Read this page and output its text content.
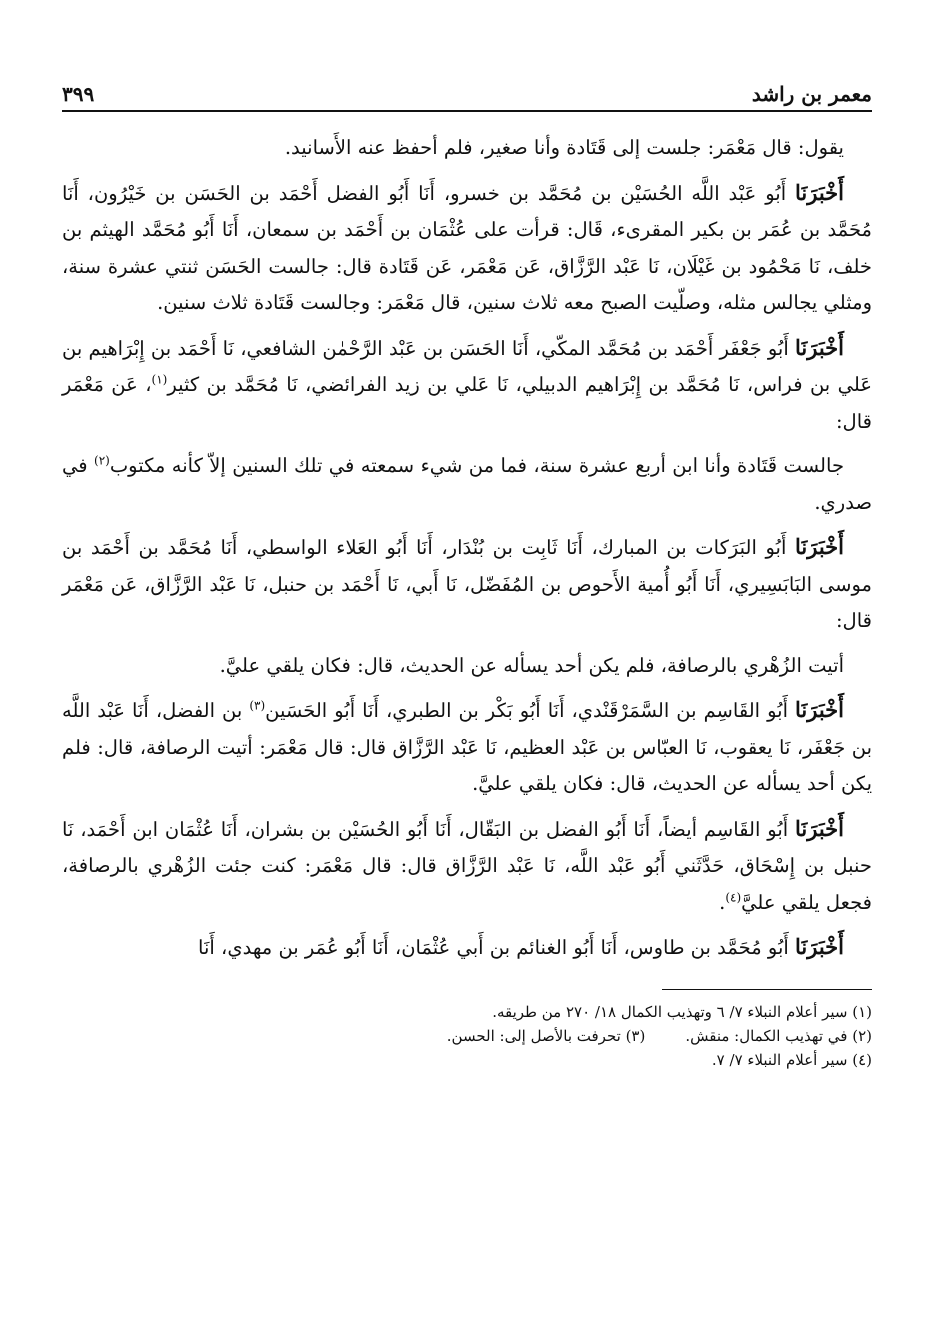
معمر بن راشد
٣٩٩

يقول: قال مَعْمَر: جلست إلى قَتَادة وأنا صغير، فلم أحفظ عنه الأَسانيد.

أَخْبَرَنَا أَبُو عَبْد اللَّه الحُسَيْن بن مُحَمَّد بن خسرو، أَنَا أَبُو الفضل أَحْمَد بن الحَسَن بن خَيْرُون، أَنَا مُحَمَّد بن عُمَر بن بكير المقرىء، قَال: قرأت على عُثْمَان بن أَحْمَد بن سمعان، أَنَا أَبُو مُحَمَّد الهيثم بن خلف، نَا مَحْمُود بن غَيْلَان، نَا عَبْد الرَّزَّاق، عَن مَعْمَر، عَن قَتَادة قال: جالست الحَسَن ثنتي عشرة سنة، ومثلي يجالس مثله، وصلّيت الصبح معه ثلاث سنين، قال مَعْمَر: وجالست قَتَادة ثلاث سنين.

أَخْبَرَنَا أَبُو جَعْفَر أَحْمَد بن مُحَمَّد المكّي، أَنَا الحَسَن بن عَبْد الرَّحْمٰن الشافعي، نَا أَحْمَد بن إِبْرَاهيم بن عَلي بن فراس، نَا مُحَمَّد بن إِبْرَاهيم الدبيلي، نَا عَلي بن زيد الفرائضي، نَا مُحَمَّد بن كثير$^{(١)}$، عَن مَعْمَر قال:

جالست قَتَادة وأنا ابن أربع عشرة سنة، فما من شيء سمعته في تلك السنين إلاّ كأنه مكتوب$^{(٢)}$ في صدري.

أَخْبَرَنَا أَبُو البَرَكات بن المبارك، أَنَا ثَابِت بن بُنْدَار، أَنَا أَبُو العَلاء الواسطي، أَنَا مُحَمَّد بن أَحْمَد بن موسى البَابَسِيري، أَنَا أَبُو أُمية الأَحوص بن المُفَضّل، نَا أَبي، نَا أَحْمَد بن حنبل، نَا عَبْد الرَّزَّاق، عَن مَعْمَر قال:

أتيت الزُهْري بالرصافة، فلم يكن أحد يسأله عن الحديث، قال: فكان يلقي عليَّ.

أَخْبَرَنَا أَبُو القَاسِم بن السَّمَرْقَنْدي، أَنَا أَبُو بَكْر بن الطبري، أَنَا أَبُو الحَسَين$^{(٣)}$ بن الفضل، أَنَا عَبْد اللَّه بن جَعْفَر، نَا يعقوب، نَا العبّاس بن عَبْد العظيم، نَا عَبْد الرَّزَّاق قال: قال مَعْمَر: أتيت الرصافة، قال: فلم يكن أحد يسأله عن الحديث، قال: فكان يلقي عليَّ.

أَخْبَرَنَا أَبُو القَاسِم أيضاً، أَنَا أَبُو الفضل بن البَقّال، أَنَا أَبُو الحُسَيْن بن بشران، أَنَا عُثْمَان ابن أَحْمَد، نَا حنبل بن إِسْحَاق، حَدَّثَني أَبُو عَبْد اللَّه، نَا عَبْد الرَّزَّاق قال: قال مَعْمَر: كنت جئت الزُهْري بالرصافة، فجعل يلقي عليَّ$^{(٤)}$.

أَخْبَرَنَا أَبُو مُحَمَّد بن طاوس، أَنَا أَبُو الغنائم بن أَبي عُثْمَان، أَنَا أَبُو عُمَر بن مهدي، أَنَا

(١) سير أعلام النبلاء ٧/ ٦ وتهذيب الكمال ١٨/ ٢٧٠ من طريقه.

(٢) في تهذيب الكمال: منقش.

(٣) تحرفت بالأصل إلى: الحسن.

(٤) سير أعلام النبلاء ٧/ ٧.
